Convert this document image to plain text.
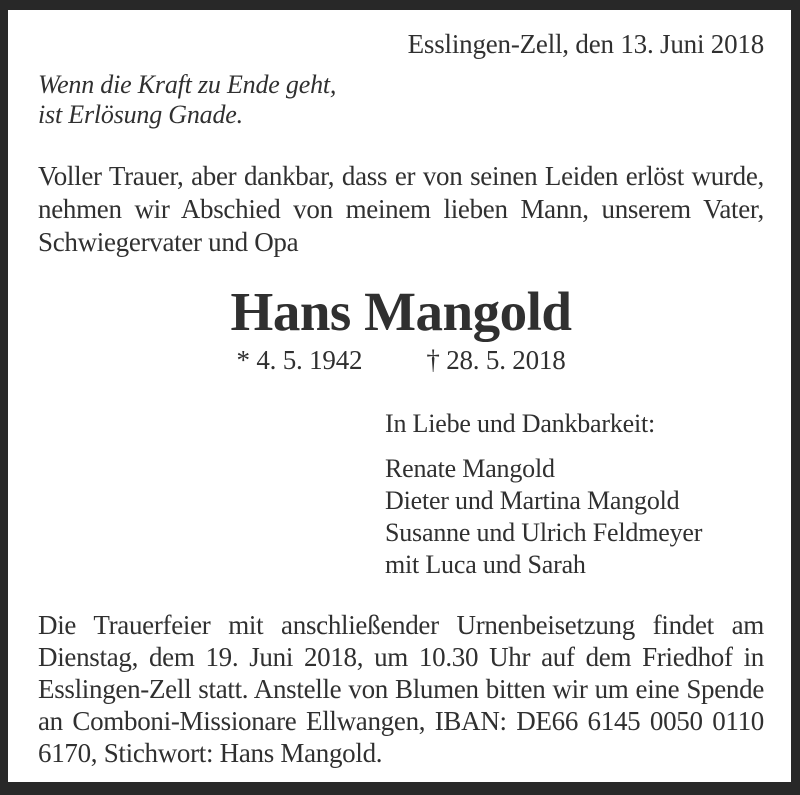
Esslingen-Zell, den 13. Juni 2018
Wenn die Kraft zu Ende geht,
ist Erlösung Gnade.

Voller Trauer, aber dankbar, dass er von seinen Leiden erlöst wurde, nehmen wir Abschied von meinem lieben Mann, unserem Vater, Schwiegervater und Opa

Hans Mangold
* 4. 5. 1942 † 28. 5. 2018
In Liebe und Dankbarkeit:
Renate Mangold
Dieter und Martina Mangold
Susanne und Ulrich Feldmeyer
mit Luca und Sarah

Die Trauerfeier mit anschließender Urnenbeisetzung findet am Dienstag, dem 19. Juni 2018, um 10.30 Uhr auf dem Friedhof in Esslingen-Zell statt. Anstelle von Blumen bitten wir um eine Spende an Comboni-Missionare Ellwangen, IBAN: DE66 6145 0050 0110 6170, Stichwort: Hans Mangold.
